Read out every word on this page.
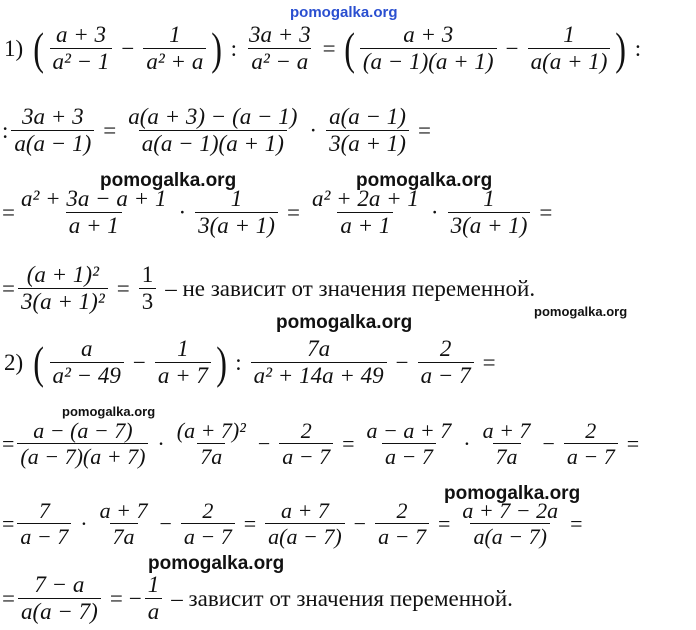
pomogalka.org
1) ( $\frac{a + 3}{\text{a² − 1}} - \frac{1}{\text{a² + a}}$ ) : $\frac{3a + 3}{\text{a² − a}}$ = ( $\frac{a + 3}{(a - 1)(a + 1)} - \frac{1}{a(a + 1)}$ ) :
: $\frac{3a + 3}{a(a - 1)} = \frac{a(a + 3) - (a - 1)}{a(a - 1)(a + 1)} \cdot \frac{a(a - 1)}{3(a + 1)}$ =
= $\frac{\text{a² + 3a − a + 1}}{a + 1} \cdot \frac{1}{3(a + 1)} = \frac{\text{a² + 2a + 1}}{a + 1} \cdot \frac{1}{3(a + 1)}$ =
= $\frac{\text{(a + 1)²}}{\text{3(a + 1)²}} = \frac{1}{3}$ – не зависит от значения переменной.
2) ( $\frac{a}{\text{a² − 49}} - \frac{1}{a + 7}$ ) : $\frac{7a}{\text{a² + 14a + 49}} - \frac{2}{a - 7}$ =
= $\frac{a - (a - 7)}{(a - 7)(a + 7)} \cdot \frac{\text{(a + 7)²}}{7a} - \frac{2}{a - 7} = \frac{a - a + 7}{a - 7} \cdot \frac{a + 7}{7a} - \frac{2}{a - 7}$ =
= $\frac{7}{a - 7} \cdot \frac{a + 7}{7a} - \frac{2}{a - 7} = \frac{a + 7}{a(a - 7)} - \frac{2}{a - 7} = \frac{a + 7 - 2a}{a(a - 7)}$ =
= $\frac{7 - a}{a(a - 7)}$ = − $\frac{1}{a}$ – зависит от значения переменной.
pomogalka.org	pomogalka.org
pomogalka.org
pomogalka.org
pomogalka.org
pomogalka.org
pomogalka.org
